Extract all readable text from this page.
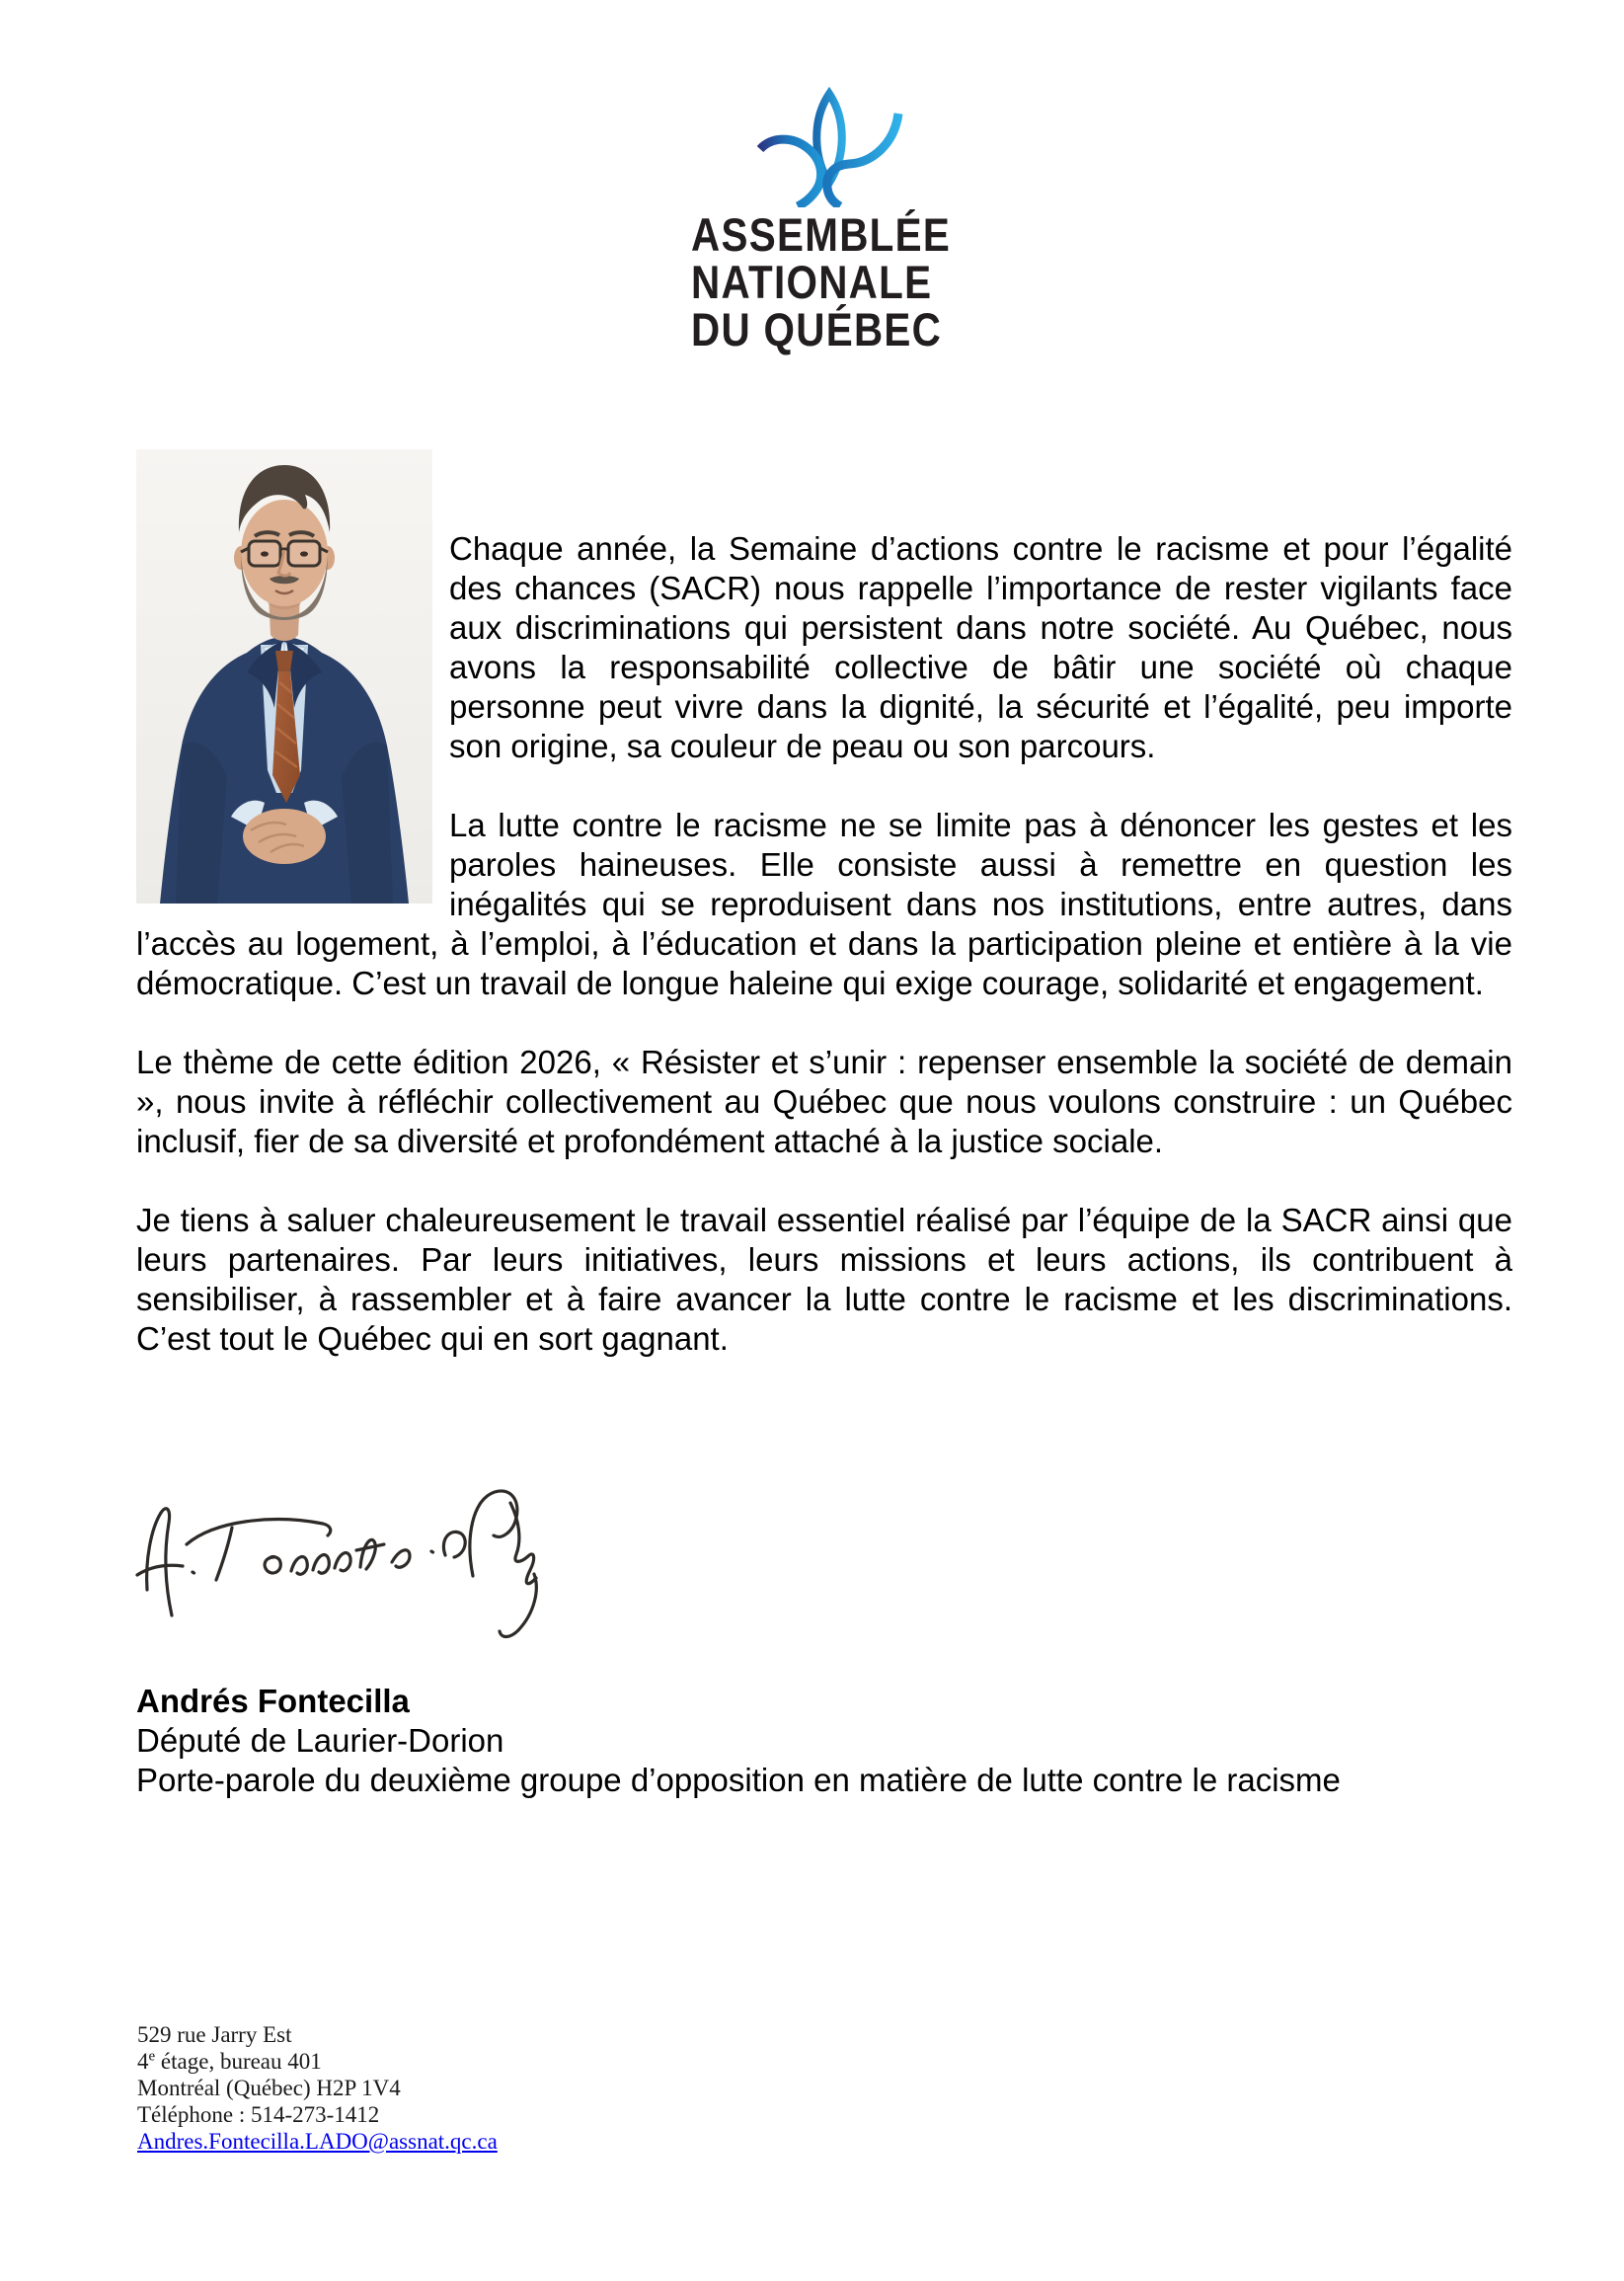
ASSEMBLÉE
NATIONALE
DU QUÉBEC

Chaque année, la Semaine d’actions contre le racisme et pour l’égalité des chances (SACR) nous rappelle l’importance de rester vigilants face aux discriminations qui persistent dans notre société. Au Québec, nous avons la responsabilité collective de bâtir une société où chaque personne peut vivre dans la dignité, la sécurité et l’égalité, peu importe son origine, sa couleur de peau ou son parcours.

La lutte contre le racisme ne se limite pas à dénoncer les gestes et les paroles haineuses. Elle consiste aussi à remettre en question les inégalités qui se reproduisent dans nos institutions, entre autres, dans l’accès au logement, à l’emploi, à l’éducation et dans la participation pleine et entière à la vie démocratique. C’est un travail de longue haleine qui exige courage, solidarité et engagement.

Le thème de cette édition 2026, « Résister et s’unir : repenser ensemble la société de demain », nous invite à réfléchir collectivement au Québec que nous voulons construire : un Québec inclusif, fier de sa diversité et profondément attaché à la justice sociale.

Je tiens à saluer chaleureusement le travail essentiel réalisé par l’équipe de la SACR ainsi que leurs partenaires. Par leurs initiatives, leurs missions et leurs actions, ils contribuent à sensibiliser, à rassembler et à faire avancer la lutte contre le racisme et les discriminations. C’est tout le Québec qui en sort gagnant.

Andrés Fontecilla
Député de Laurier-Dorion
Porte-parole du deuxième groupe d’opposition en matière de lutte contre le racisme
529 rue Jarry Est
4e étage, bureau 401
Montréal (Québec) H2P 1V4
Téléphone : 514-273-1412
Andres.Fontecilla.LADO@assnat.qc.ca
